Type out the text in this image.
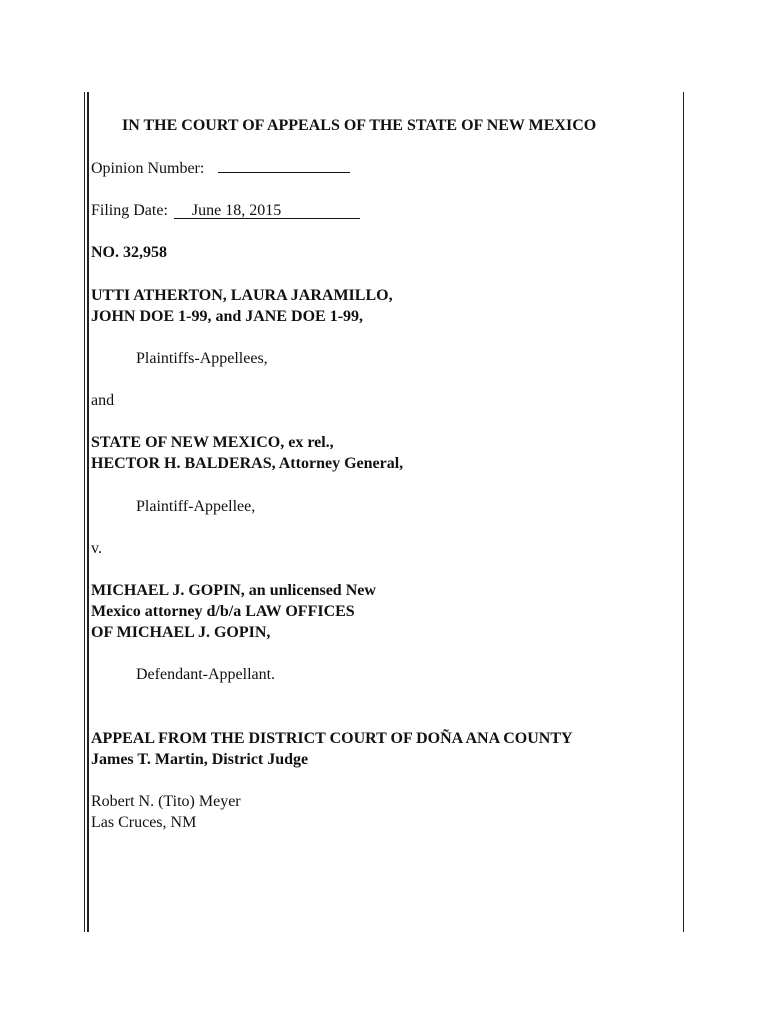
IN THE COURT OF APPEALS OF THE STATE OF NEW MEXICO
Opinion Number:
Filing Date: June 18, 2015
NO. 32,958
UTTI ATHERTON, LAURA JARAMILLO,
JOHN DOE 1-99, and JANE DOE 1-99,
Plaintiffs-Appellees,
and
STATE OF NEW MEXICO, ex rel.,
HECTOR H. BALDERAS, Attorney General,
Plaintiff-Appellee,
v.
MICHAEL J. GOPIN, an unlicensed New
Mexico attorney d/b/a LAW OFFICES
OF MICHAEL J. GOPIN,
Defendant-Appellant.
APPEAL FROM THE DISTRICT COURT OF DOÑA ANA COUNTY
James T. Martin, District Judge
Robert N. (Tito) Meyer
Las Cruces, NM
